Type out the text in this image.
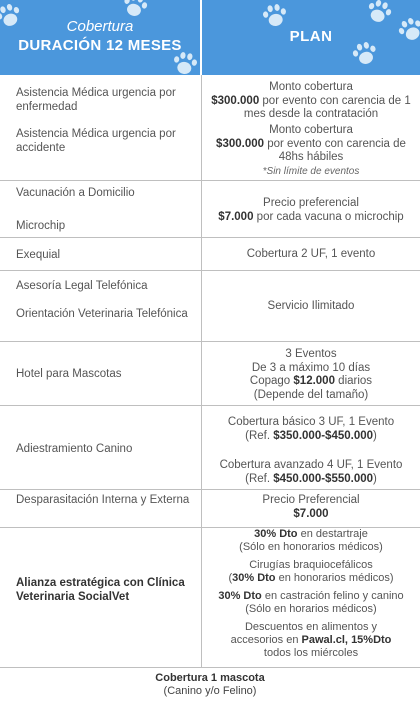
Cobertura
DURACIÓN 12 MESES
PLAN
Asistencia Médica urgencia por enfermedad
Monto cobertura
$300.000 por evento con carencia de 1 mes desde la contratación
Asistencia Médica urgencia por accidente
Monto cobertura
$300.000 por evento con carencia de 48hs hábiles
*Sin límite de eventos
Vacunación a Domicilio
Microchip
Precio preferencial
$7.000 por cada vacuna o microchip
Exequial	Cobertura 2 UF, 1 evento
Asesoría Legal Telefónica
Orientación Veterinaria Telefónica
Servicio Ilimitado
Hotel para Mascotas
3 Eventos
De 3 a máximo 10 días
Copago $12.000 diarios
(Depende del tamaño)
Adiestramiento Canino
Cobertura básico 3 UF, 1 Evento
(Ref. $350.000-$450.000)
Cobertura avanzado 4 UF, 1 Evento
(Ref. $450.000-$550.000)
Desparasitación Interna y Externa	Precio Preferencial
$7.000
Alianza estratégica con Clínica Veterinaria SocialVet
30% Dto en destartraje
(Sólo en honorarios médicos)
Cirugías braquiocefálicos
(30% Dto en honorarios médicos)
30% Dto en castración felino y canino (Sólo en horarios médicos)
Descuentos en alimentos y accesorios en Pawal.cl, 15%Dto todos los miércoles
Cobertura 1 mascota
(Canino y/o Felino)
